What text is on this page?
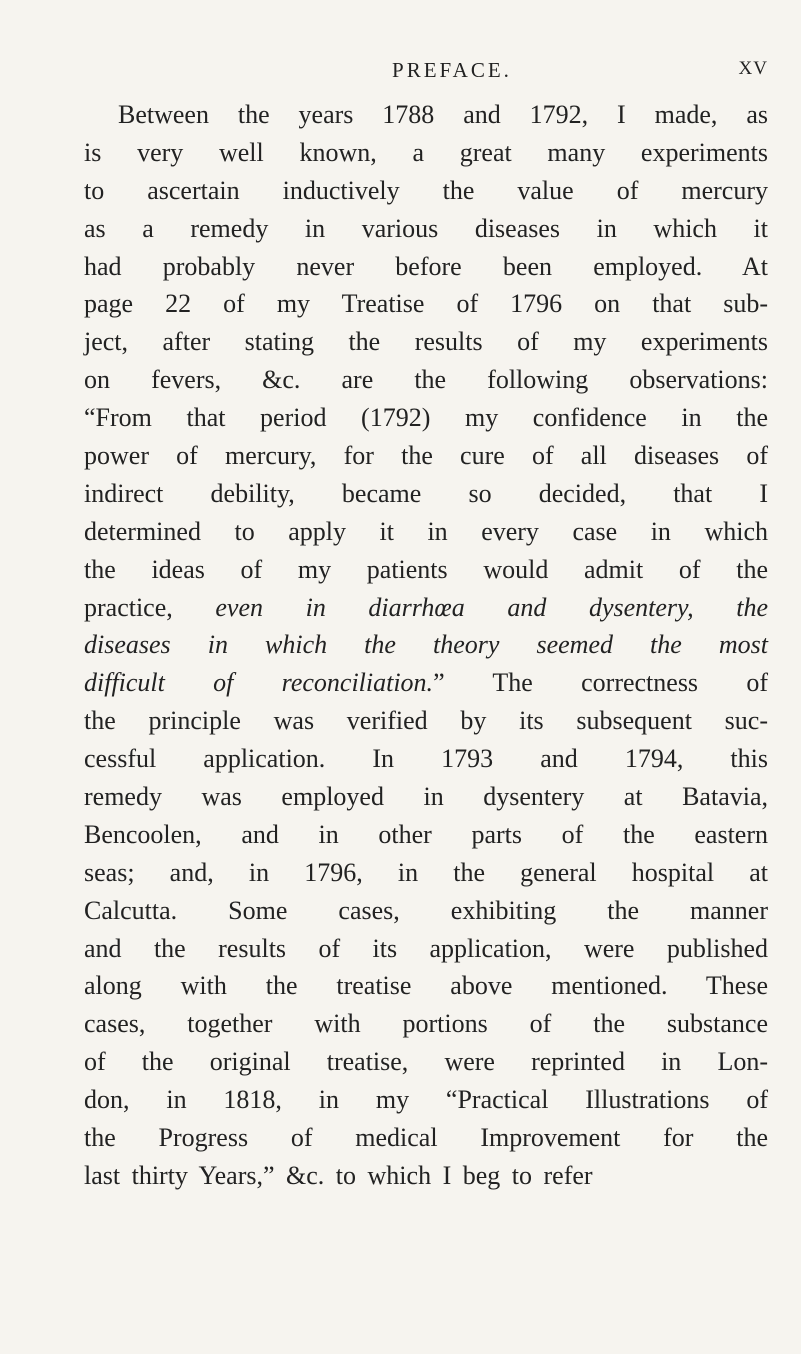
PREFACE.	XV
Between the years 1788 and 1792, I made, as
is very well known, a great many experiments
to ascertain inductively the value of mercury
as a remedy in various diseases in which it
had probably never before been employed. At
page 22 of my Treatise of 1796 on that sub-
ject, after stating the results of my experiments
on fevers, &c. are the following observations:
“From that period (1792) my confidence in the
power of mercury, for the cure of all diseases of
indirect debility, became so decided, that I
determined to apply it in every case in which
the ideas of my patients would admit of the
practice, even in diarrhœa and dysentery, the
diseases in which the theory seemed the most
difficult of reconciliation.” The correctness of
the principle was verified by its subsequent suc-
cessful application. In 1793 and 1794, this
remedy was employed in dysentery at Batavia,
Bencoolen, and in other parts of the eastern
seas; and, in 1796, in the general hospital at
Calcutta. Some cases, exhibiting the manner
and the results of its application, were published
along with the treatise above mentioned. These
cases, together with portions of the substance
of the original treatise, were reprinted in Lon-
don, in 1818, in my “Practical Illustrations of
the Progress of medical Improvement for the
last thirty Years,” &c. to which I beg to refer
